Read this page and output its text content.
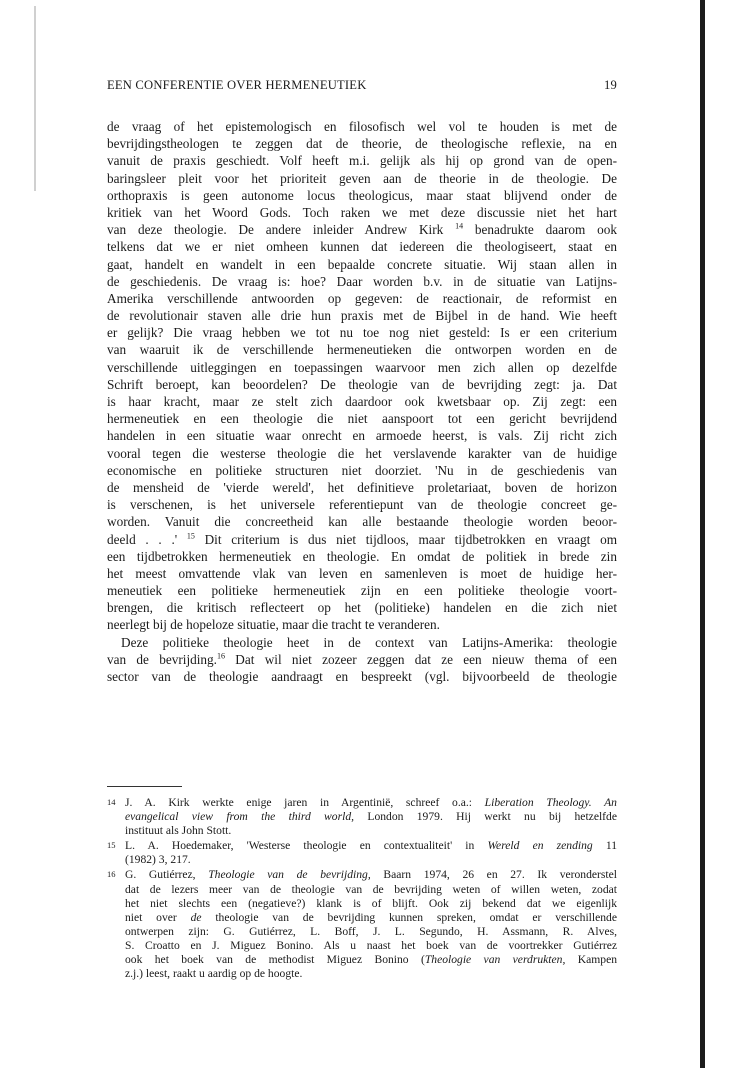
EEN CONFERENTIE OVER HERMENEUTIEK	19
de vraag of het epistemologisch en filosofisch wel vol te houden is met de
bevrijdingstheologen te zeggen dat de theorie, de theologische reflexie, na en
vanuit de praxis geschiedt. Volf heeft m.i. gelijk als hij op grond van de open-
baringsleer pleit voor het prioriteit geven aan de theorie in de theologie. De
orthopraxis is geen autonome locus theologicus, maar staat blijvend onder de
kritiek van het Woord Gods. Toch raken we met deze discussie niet het hart
van deze theologie. De andere inleider Andrew Kirk $^{14}$ benadrukte daarom ook
telkens dat we er niet omheen kunnen dat iedereen die theologiseert, staat en
gaat, handelt en wandelt in een bepaalde concrete situatie. Wij staan allen in
de geschiedenis. De vraag is: hoe? Daar worden b.v. in de situatie van Latijns-
Amerika verschillende antwoorden op gegeven: de reactionair, de reformist en
de revolutionair staven alle drie hun praxis met de Bijbel in de hand. Wie heeft
er gelijk? Die vraag hebben we tot nu toe nog niet gesteld: Is er een criterium
van waaruit ik de verschillende hermeneutieken die ontworpen worden en de
verschillende uitleggingen en toepassingen waarvoor men zich allen op dezelfde
Schrift beroept, kan beoordelen? De theologie van de bevrijding zegt: ja. Dat
is haar kracht, maar ze stelt zich daardoor ook kwetsbaar op. Zij zegt: een
hermeneutiek en een theologie die niet aanspoort tot een gericht bevrijdend
handelen in een situatie waar onrecht en armoede heerst, is vals. Zij richt zich
vooral tegen die westerse theologie die het verslavende karakter van de huidige
economische en politieke structuren niet doorziet. 'Nu in de geschiedenis van
de mensheid de 'vierde wereld', het definitieve proletariaat, boven de horizon
is verschenen, is het universele referentiepunt van de theologie concreet ge-
worden. Vanuit die concreetheid kan alle bestaande theologie worden beoor-
deeld . . .' $^{15}$ Dit criterium is dus niet tijdloos, maar tijdbetrokken en vraagt om
een tijdbetrokken hermeneutiek en theologie. En omdat de politiek in brede zin
het meest omvattende vlak van leven en samenleven is moet de huidige her-
meneutiek een politieke hermeneutiek zijn en een politieke theologie voort-
brengen, die kritisch reflecteert op het (politieke) handelen en die zich niet
neerlegt bij de hopeloze situatie, maar die tracht te veranderen.
Deze politieke theologie heet in de context van Latijns-Amerika: theologie
van de bevrijding.$^{16}$ Dat wil niet zozeer zeggen dat ze een nieuw thema of een
sector van de theologie aandraagt en bespreekt (vgl. bijvoorbeeld de theologie
14 J. A. Kirk werkte enige jaren in Argentinië, schreef o.a.: Liberation Theology. An
evangelical view from the third world, London 1979. Hij werkt nu bij hetzelfde
instituut als John Stott.
15 L. A. Hoedemaker, 'Westerse theologie en contextualiteit' in Wereld en zending 11
(1982) 3, 217.
16 G. Gutiérrez, Theologie van de bevrijding, Baarn 1974, 26 en 27. Ik veronderstel
dat de lezers meer van de theologie van de bevrijding weten of willen weten, zodat
het niet slechts een (negatieve?) klank is of blijft. Ook zij bekend dat we eigenlijk
niet over de theologie van de bevrijding kunnen spreken, omdat er verschillende
ontwerpen zijn: G. Gutiérrez, L. Boff, J. L. Segundo, H. Assmann, R. Alves,
S. Croatto en J. Miguez Bonino. Als u naast het boek van de voortrekker Gutiérrez
ook het boek van de methodist Miguez Bonino (Theologie van verdrukten, Kampen
z.j.) leest, raakt u aardig op de hoogte.
